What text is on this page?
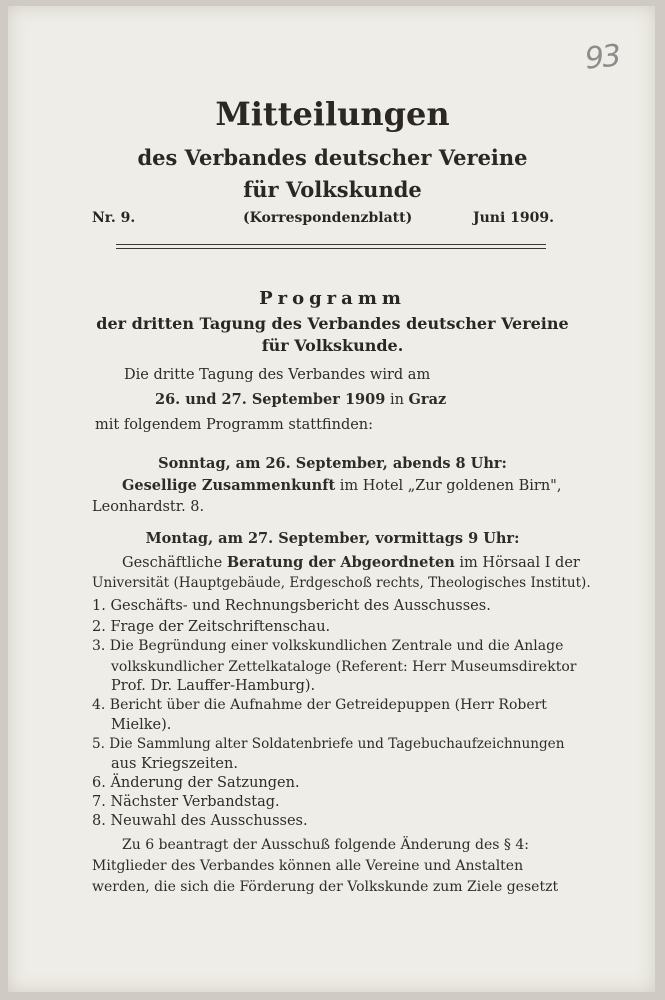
93
Mitteilungen
des Verbandes deutscher Vereine
für Volkskunde
Nr. 9.	(Korrespondenzblatt)	Juni 1909.
Programm
der dritten Tagung des Verbandes deutscher Vereine
für Volkskunde.
Die dritte Tagung des Verbandes wird am
26. und 27. September 1909 in Graz
mit folgendem Programm stattfinden:
Sonntag, am 26. September, abends 8 Uhr:
Gesellige Zusammenkunft im Hotel „Zur goldenen Birn",
Leonhardstr. 8.
Montag, am 27. September, vormittags 9 Uhr:
Geschäftliche Beratung der Abgeordneten im Hörsaal I der
Universität (Hauptgebäude, Erdgeschoß rechts, Theologisches Institut).
1. Geschäfts- und Rechnungsbericht des Ausschusses.
2. Frage der Zeitschriftenschau.
3. Die Begründung einer volkskundlichen Zentrale und die Anlage
volkskundlicher Zettelkataloge (Referent: Herr Museumsdirektor
Prof. Dr. Lauffer-Hamburg).
4. Bericht über die Aufnahme der Getreidepuppen (Herr Robert
Mielke).
5. Die Sammlung alter Soldatenbriefe und Tagebuchaufzeichnungen
aus Kriegszeiten.
6. Änderung der Satzungen.
7. Nächster Verbandstag.
8. Neuwahl des Ausschusses.
Zu 6 beantragt der Ausschuß folgende Änderung des § 4:
Mitglieder des Verbandes können alle Vereine und Anstalten
werden, die sich die Förderung der Volkskunde zum Ziele gesetzt
